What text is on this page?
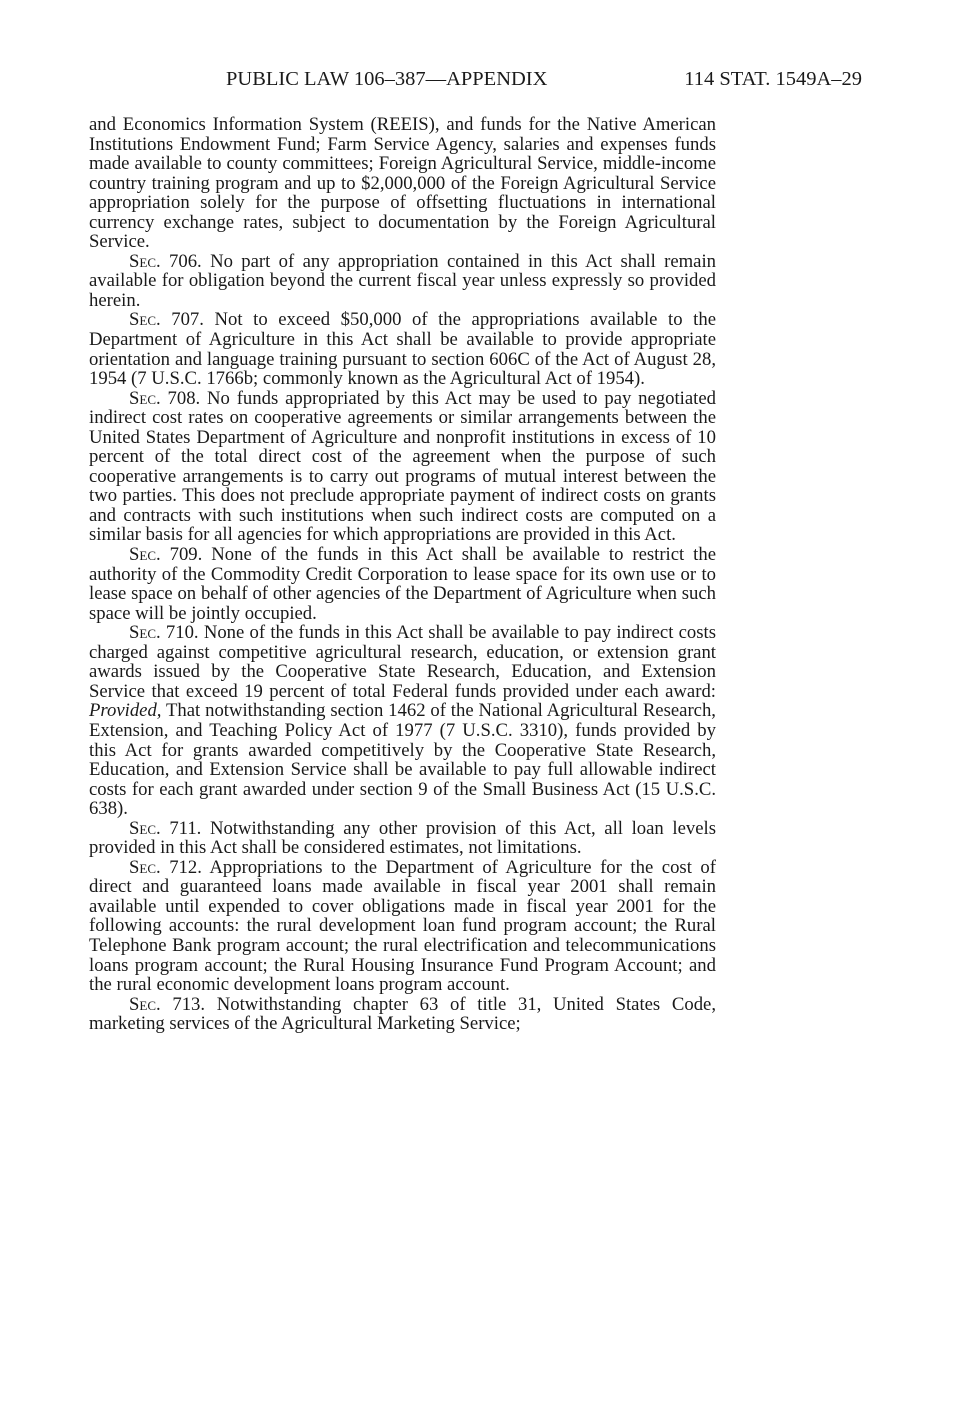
PUBLIC LAW 106–387—APPENDIX	114 STAT. 1549A–29

and Economics Information System (REEIS), and funds for the Native American Institutions Endowment Fund; Farm Service Agency, salaries and expenses funds made available to county committees; Foreign Agricultural Service, middle-income country training program and up to $2,000,000 of the Foreign Agricultural Service appropriation solely for the purpose of offsetting fluctuations in international currency exchange rates, subject to documentation by the Foreign Agricultural Service.

Sec. 706. No part of any appropriation contained in this Act shall remain available for obligation beyond the current fiscal year unless expressly so provided herein.

Sec. 707. Not to exceed $50,000 of the appropriations available to the Department of Agriculture in this Act shall be available to provide appropriate orientation and language training pursuant to section 606C of the Act of August 28, 1954 (7 U.S.C. 1766b; commonly known as the Agricultural Act of 1954).

Sec. 708. No funds appropriated by this Act may be used to pay negotiated indirect cost rates on cooperative agreements or similar arrangements between the United States Department of Agriculture and nonprofit institutions in excess of 10 percent of the total direct cost of the agreement when the purpose of such cooperative arrangements is to carry out programs of mutual interest between the two parties. This does not preclude appropriate payment of indirect costs on grants and contracts with such institutions when such indirect costs are computed on a similar basis for all agencies for which appropriations are provided in this Act.

Sec. 709. None of the funds in this Act shall be available to restrict the authority of the Commodity Credit Corporation to lease space for its own use or to lease space on behalf of other agencies of the Department of Agriculture when such space will be jointly occupied.

Sec. 710. None of the funds in this Act shall be available to pay indirect costs charged against competitive agricultural research, education, or extension grant awards issued by the Cooperative State Research, Education, and Extension Service that exceed 19 percent of total Federal funds provided under each award: Provided, That notwithstanding section 1462 of the National Agricultural Research, Extension, and Teaching Policy Act of 1977 (7 U.S.C. 3310), funds provided by this Act for grants awarded competitively by the Cooperative State Research, Education, and Extension Service shall be available to pay full allowable indirect costs for each grant awarded under section 9 of the Small Business Act (15 U.S.C. 638).

Sec. 711. Notwithstanding any other provision of this Act, all loan levels provided in this Act shall be considered estimates, not limitations.

Sec. 712. Appropriations to the Department of Agriculture for the cost of direct and guaranteed loans made available in fiscal year 2001 shall remain available until expended to cover obligations made in fiscal year 2001 for the following accounts: the rural development loan fund program account; the Rural Telephone Bank program account; the rural electrification and telecommunications loans program account; the Rural Housing Insurance Fund Program Account; and the rural economic development loans program account.

Sec. 713. Notwithstanding chapter 63 of title 31, United States Code, marketing services of the Agricultural Marketing Service;
